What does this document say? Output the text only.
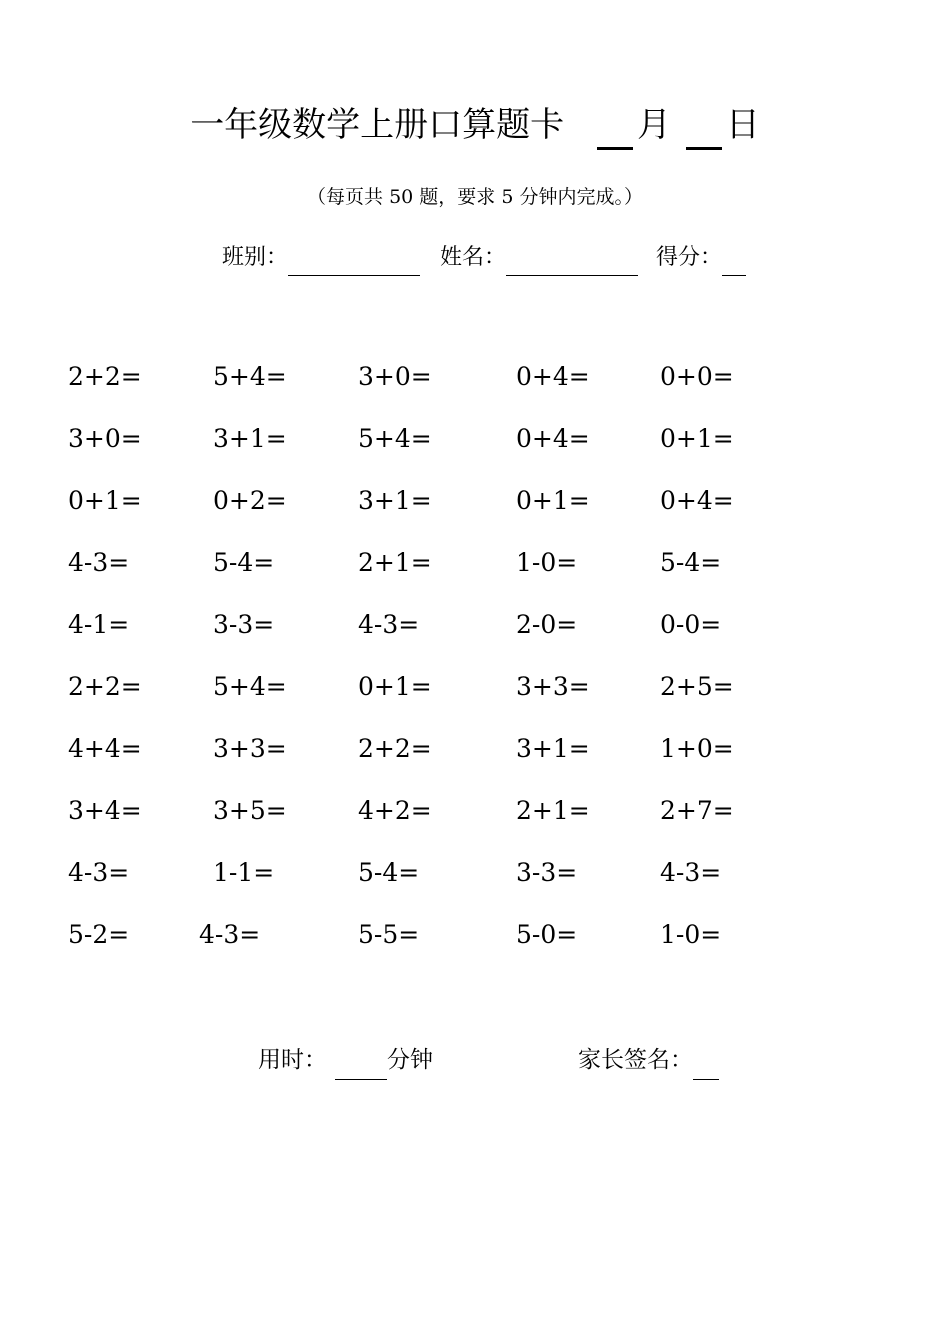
一年级数学上册口算题卡 月 日
（每页共 50 题，要求 5 分钟内完成。）
班别：	姓名：	得分：
2+2=	5+4=	3+0=	0+4=	0+0=
3+0=	3+1=	5+4=	0+4=	0+1=
0+1=	0+2=	3+1=	0+1=	0+4=
4-3=	5-4=	2+1=	1-0=	5-4=
4-1=	3-3=	4-3=	2-0=	0-0=
2+2=	5+4=	0+1=	3+3=	2+5=
4+4=	3+3=	2+2=	3+1=	1+0=
3+4=	3+5=	4+2=	2+1=	2+7=
4-3=	1-1=	5-4=	3-3=	4-3=
5-2=	4-3=	5-5=	5-0=	1-0=
用时：	分钟	家长签名：
